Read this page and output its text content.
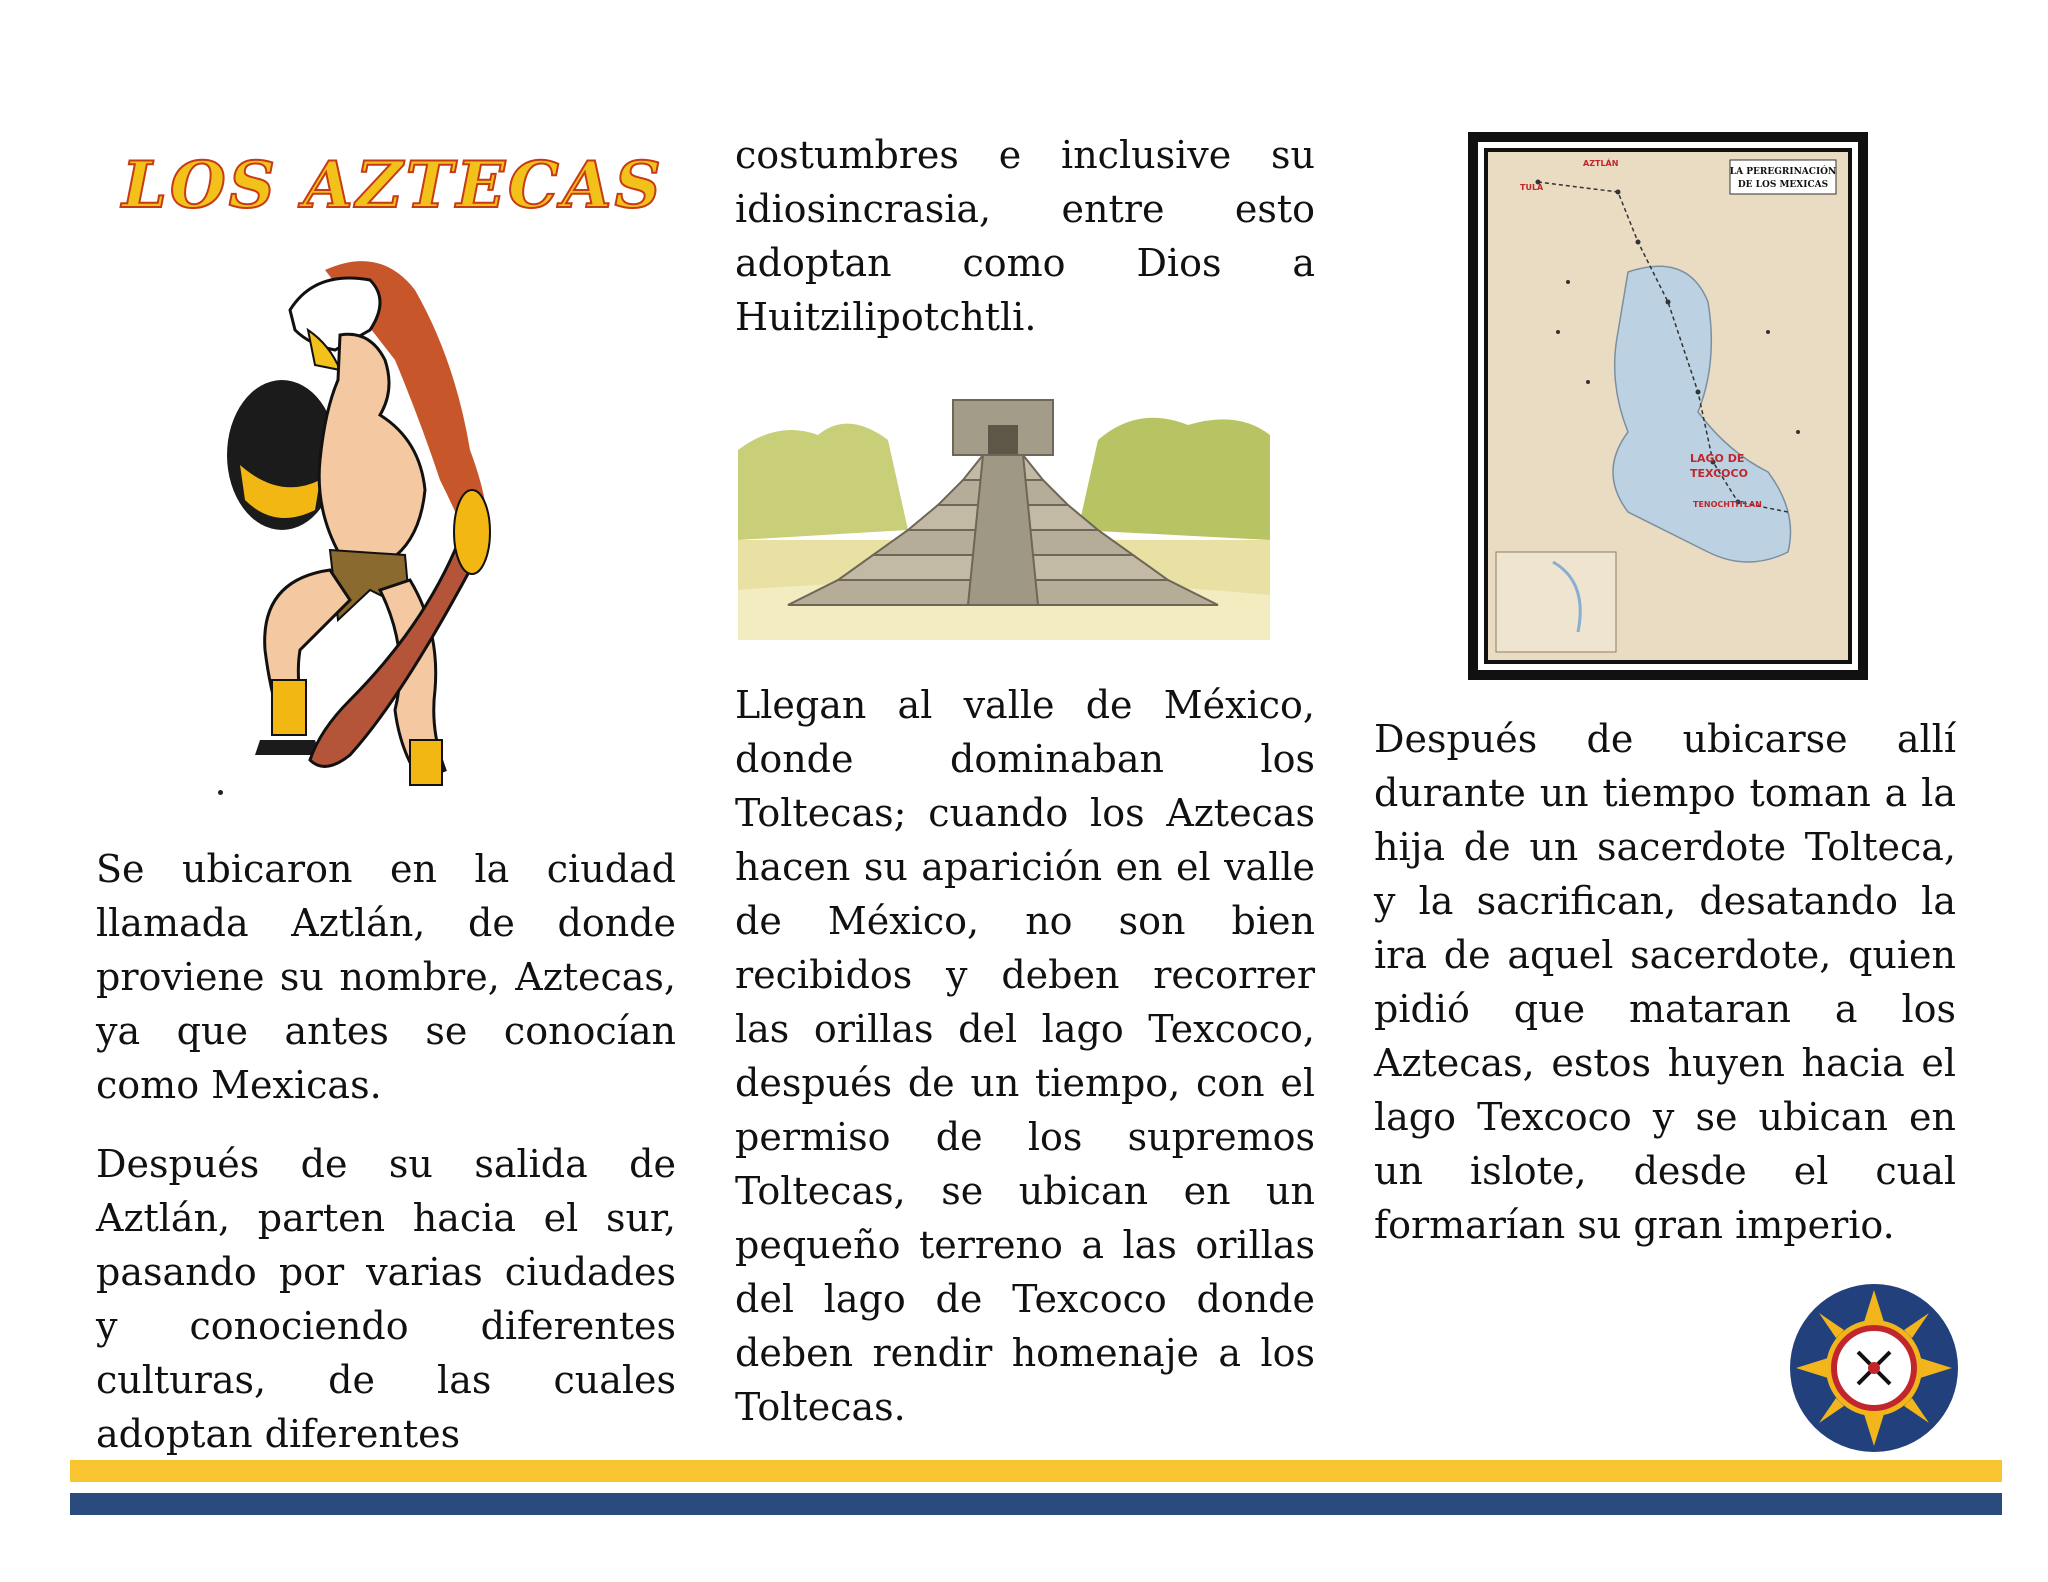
LOS AZTECAS	LA PEREGRINACIÓN
DE LOS MEXICAS
AZTLÁN
TULA
LAGO DE
TEXCOCO
TENOCHTITLAN

Se ubicaron en la ciudad llamada Aztlán, de donde proviene su nombre, Aztecas, ya que antes se conocían como Mexicas.

Después de su salida de Aztlán, parten hacia el sur, pasando por varias ciudades y conociendo diferentes culturas, de las cuales adoptan diferentes

costumbres e inclusive su idiosincrasia, entre esto adoptan como Dios a Huitzilipotchtli.

Llegan al valle de México, donde dominaban los Toltecas; cuando los Aztecas hacen su aparición en el valle de México, no son bien recibidos y deben recorrer las orillas del lago Texcoco, después de un tiempo, con el permiso de los supremos Toltecas, se ubican en un pequeño terreno a las orillas del lago de Texcoco donde deben rendir homenaje a los Toltecas.

Después de ubicarse allí durante un tiempo toman a la hija de un sacerdote Tolteca, y la sacrifican, desatando la ira de aquel sacerdote, quien pidió que mataran a los Aztecas, estos huyen hacia el lago Texcoco y se ubican en un islote, desde el cual formarían su gran imperio.
